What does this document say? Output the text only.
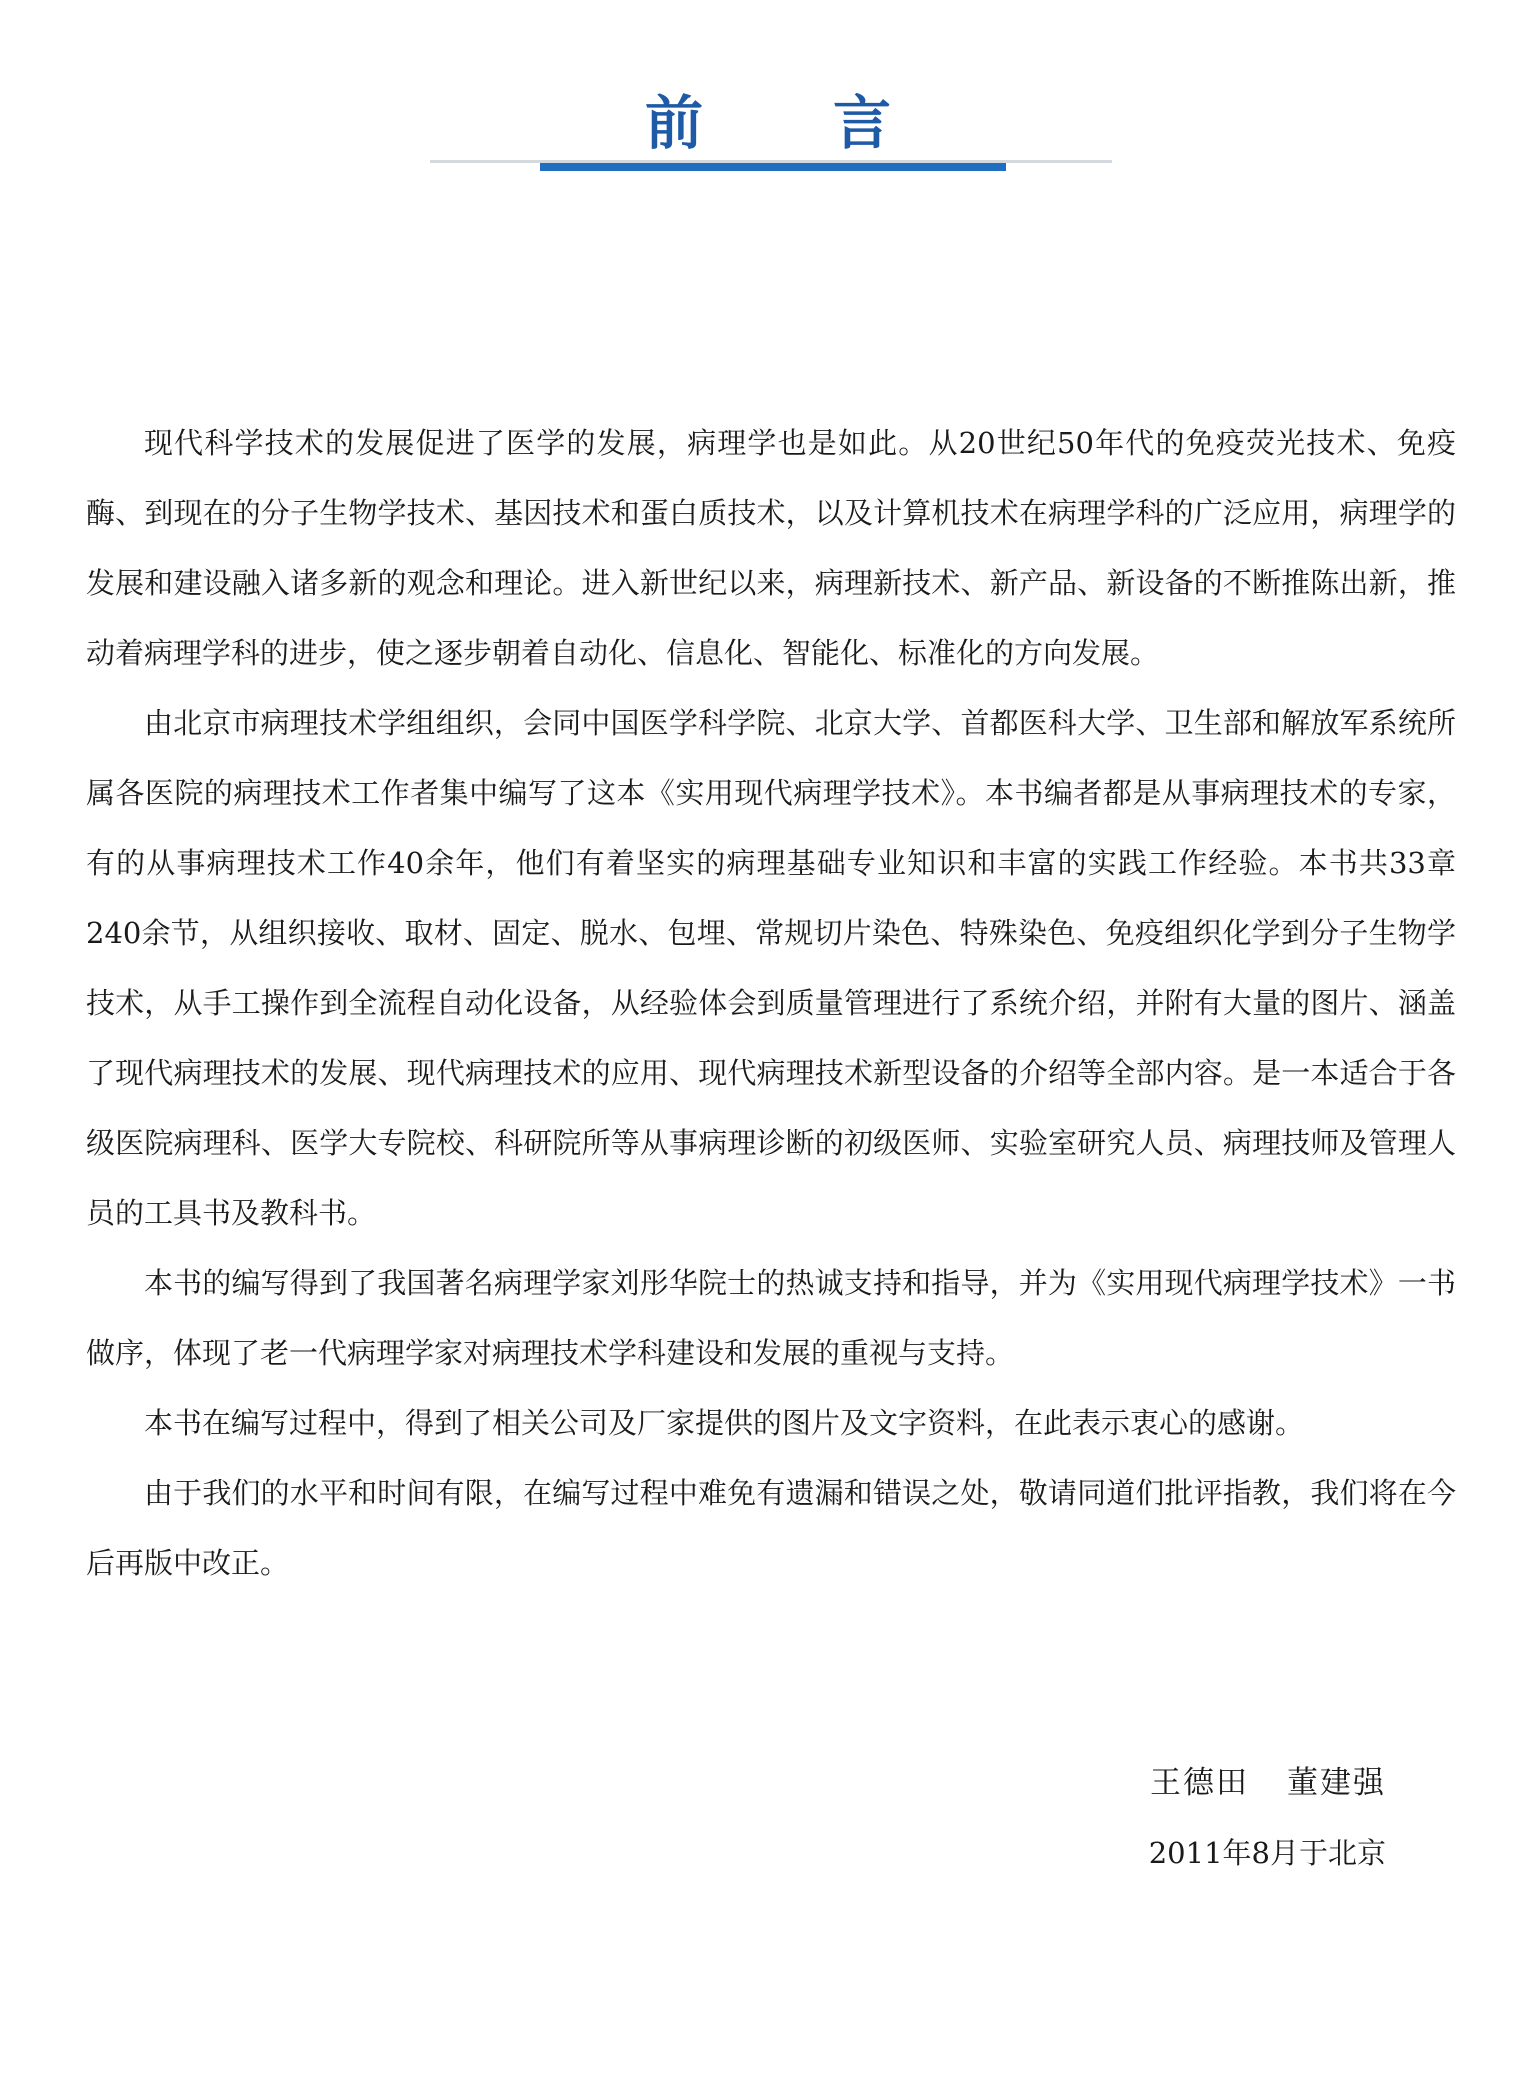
前 言

现代科学技术的发展促进了医学的发展，病理学也是如此。从20世纪50年代的免疫荧光技术、免疫酶、到现在的分子生物学技术、基因技术和蛋白质技术，以及计算机技术在病理学科的广泛应用，病理学的发展和建设融入诸多新的观念和理论。进入新世纪以来，病理新技术、新产品、新设备的不断推陈出新，推动着病理学科的进步，使之逐步朝着自动化、信息化、智能化、标准化的方向发展。

由北京市病理技术学组组织，会同中国医学科学院、北京大学、首都医科大学、卫生部和解放军系统所属各医院的病理技术工作者集中编写了这本《实用现代病理学技术》。本书编者都是从事病理技术的专家，有的从事病理技术工作40余年，他们有着坚实的病理基础专业知识和丰富的实践工作经验。本书共33章240余节，从组织接收、取材、固定、脱水、包埋、常规切片染色、特殊染色、免疫组织化学到分子生物学技术，从手工操作到全流程自动化设备，从经验体会到质量管理进行了系统介绍，并附有大量的图片、涵盖了现代病理技术的发展、现代病理技术的应用、现代病理技术新型设备的介绍等全部内容。是一本适合于各级医院病理科、医学大专院校、科研院所等从事病理诊断的初级医师、实验室研究人员、病理技师及管理人员的工具书及教科书。

本书的编写得到了我国著名病理学家刘彤华院士的热诚支持和指导，并为《实用现代病理学技术》一书做序，体现了老一代病理学家对病理技术学科建设和发展的重视与支持。

本书在编写过程中，得到了相关公司及厂家提供的图片及文字资料，在此表示衷心的感谢。

由于我们的水平和时间有限，在编写过程中难免有遗漏和错误之处，敬请同道们批评指教，我们将在今后再版中改正。

王德田 董建强
2011年8月于北京
